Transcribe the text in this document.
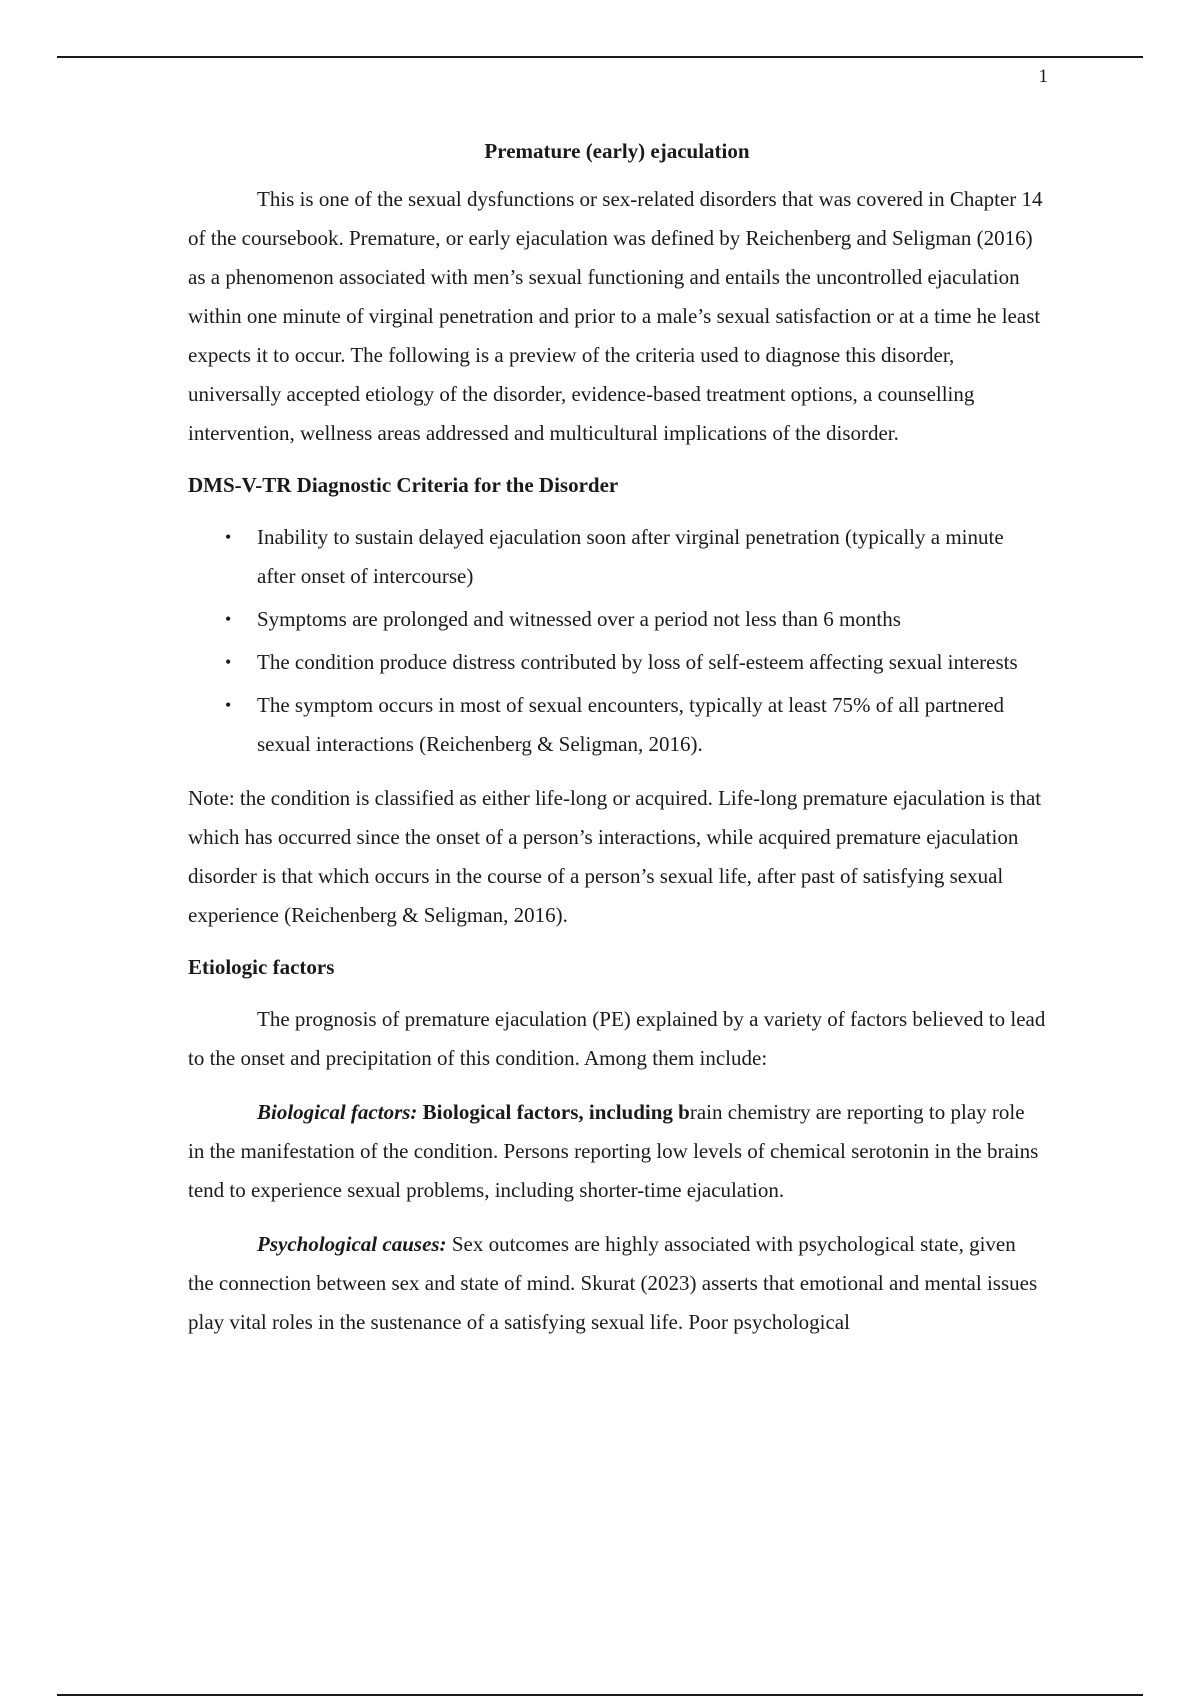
1
Premature (early) ejaculation

This is one of the sexual dysfunctions or sex-related disorders that was covered in Chapter 14 of the coursebook. Premature, or early ejaculation was defined by Reichenberg and Seligman (2016) as a phenomenon associated with men’s sexual functioning and entails the uncontrolled ejaculation within one minute of virginal penetration and prior to a male’s sexual satisfaction or at a time he least expects it to occur. The following is a preview of the criteria used to diagnose this disorder, universally accepted etiology of the disorder, evidence-based treatment options, a counselling intervention, wellness areas addressed and multicultural implications of the disorder.

DMS-V-TR Diagnostic Criteria for the Disorder
• Inability to sustain delayed ejaculation soon after virginal penetration (typically a minute after onset of intercourse)
• Symptoms are prolonged and witnessed over a period not less than 6 months
• The condition produce distress contributed by loss of self-esteem affecting sexual interests
• The symptom occurs in most of sexual encounters, typically at least 75% of all partnered sexual interactions (Reichenberg & Seligman, 2016).

Note: the condition is classified as either life-long or acquired. Life-long premature ejaculation is that which has occurred since the onset of a person’s interactions, while acquired premature ejaculation disorder is that which occurs in the course of a person’s sexual life, after past of satisfying sexual experience (Reichenberg & Seligman, 2016).

Etiologic factors

The prognosis of premature ejaculation (PE) explained by a variety of factors believed to lead to the onset and precipitation of this condition. Among them include:

Biological factors: Biological factors, including brain chemistry are reporting to play role in the manifestation of the condition. Persons reporting low levels of chemical serotonin in the brains tend to experience sexual problems, including shorter-time ejaculation.

Psychological causes: Sex outcomes are highly associated with psychological state, given the connection between sex and state of mind. Skurat (2023) asserts that emotional and mental issues play vital roles in the sustenance of a satisfying sexual life. Poor psychological
